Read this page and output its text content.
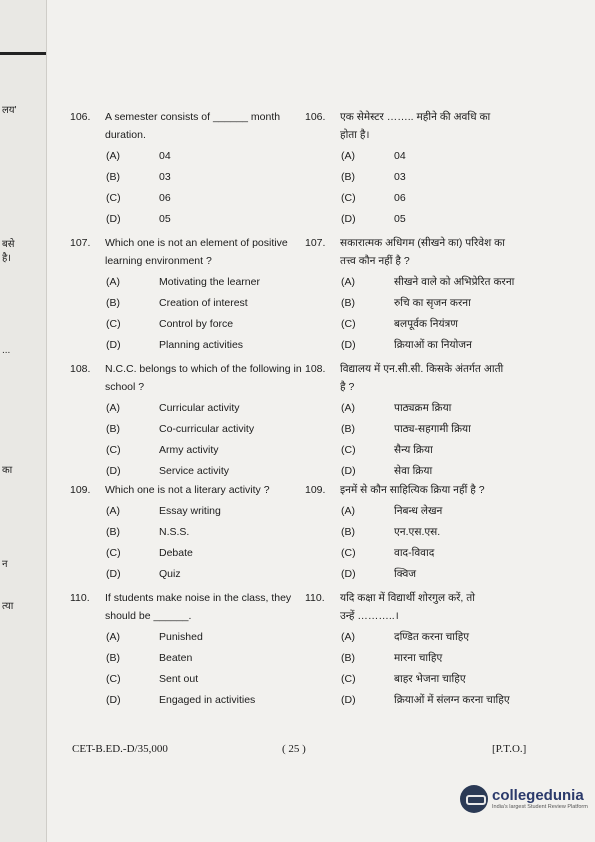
लय'
बसे
है।
...
का
न
त्या
106.	A semester consists of ______ month
duration.
(A)	04
(B)	03
(C)	06
(D)	05
107.	Which one is not an element of positive
learning environment ?
(A)	Motivating the learner
(B)	Creation of interest
(C)	Control by force
(D)	Planning activities
108.	N.C.C. belongs to which of the following in
school ?
(A)	Curricular activity
(B)	Co-curricular activity
(C)	Army activity
(D)	Service activity
109.	Which one is not a literary activity ?
(A)	Essay writing
(B)	N.S.S.
(C)	Debate
(D)	Quiz
110.	If students make noise in the class, they
should be ______.
(A)	Punished
(B)	Beaten
(C)	Sent out
(D)	Engaged in activities
106.	एक सेमेस्टर …….. महीने की अवधि का
होता है।
(A)	04
(B)	03
(C)	06
(D)	05
107.	सकारात्मक अधिगम (सीखने का) परिवेश का
तत्त्व कौन नहीं है ?
(A)	सीखने वाले को अभिप्रेरित करना
(B)	रुचि का सृजन करना
(C)	बलपूर्वक नियंत्रण
(D)	क्रियाओं का नियोजन
108.	विद्यालय में एन.सी.सी. किसके अंतर्गत आती
है ?
(A)	पाठ्यक्रम क्रिया
(B)	पाठ्य-सहगामी क्रिया
(C)	सैन्य क्रिया
(D)	सेवा क्रिया
109.	इनमें से कौन साहित्यिक क्रिया नहीं है ?
(A)	निबन्ध लेखन
(B)	एन.एस.एस.
(C)	वाद-विवाद
(D)	क्विज
110.	यदि कक्षा में विद्यार्थी शोरगुल करें, तो
उन्हें ………..।
(A)	दण्डित करना चाहिए
(B)	मारना चाहिए
(C)	बाहर भेजना चाहिए
(D)	क्रियाओं में संलग्न करना चाहिए
CET-B.ED.-D/35,000	( 25 )	[P.T.O.]
collegedunia
India's largest Student Review Platform
